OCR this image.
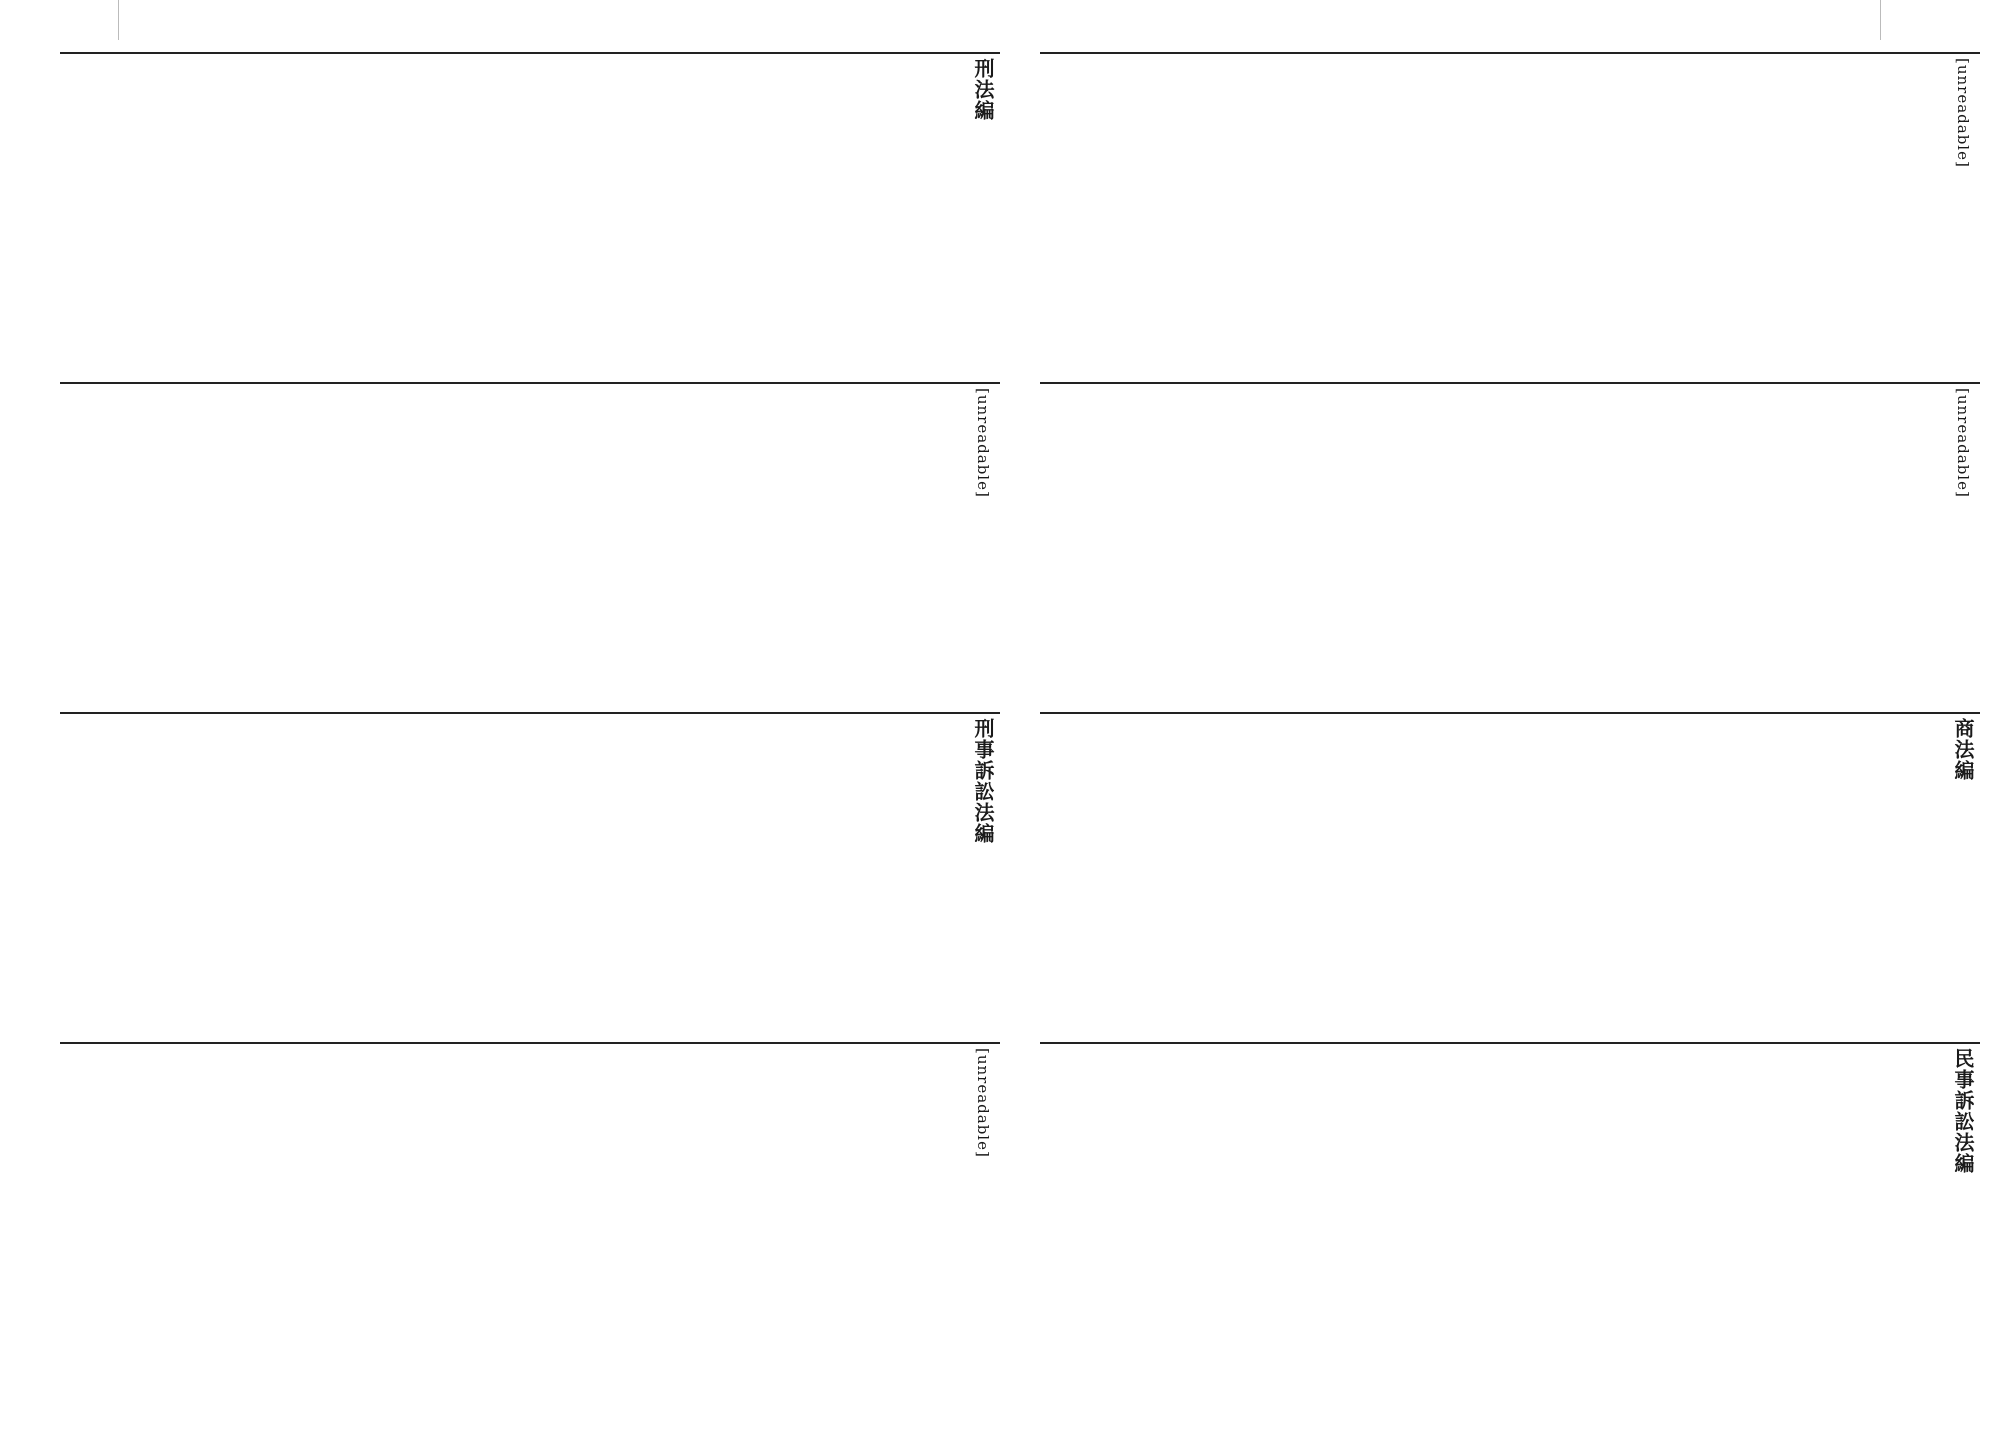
[unreadable]
[unreadable]
商法編
民事訴訟法編
刑法編
[unreadable]
刑事訴訟法編
[unreadable]
